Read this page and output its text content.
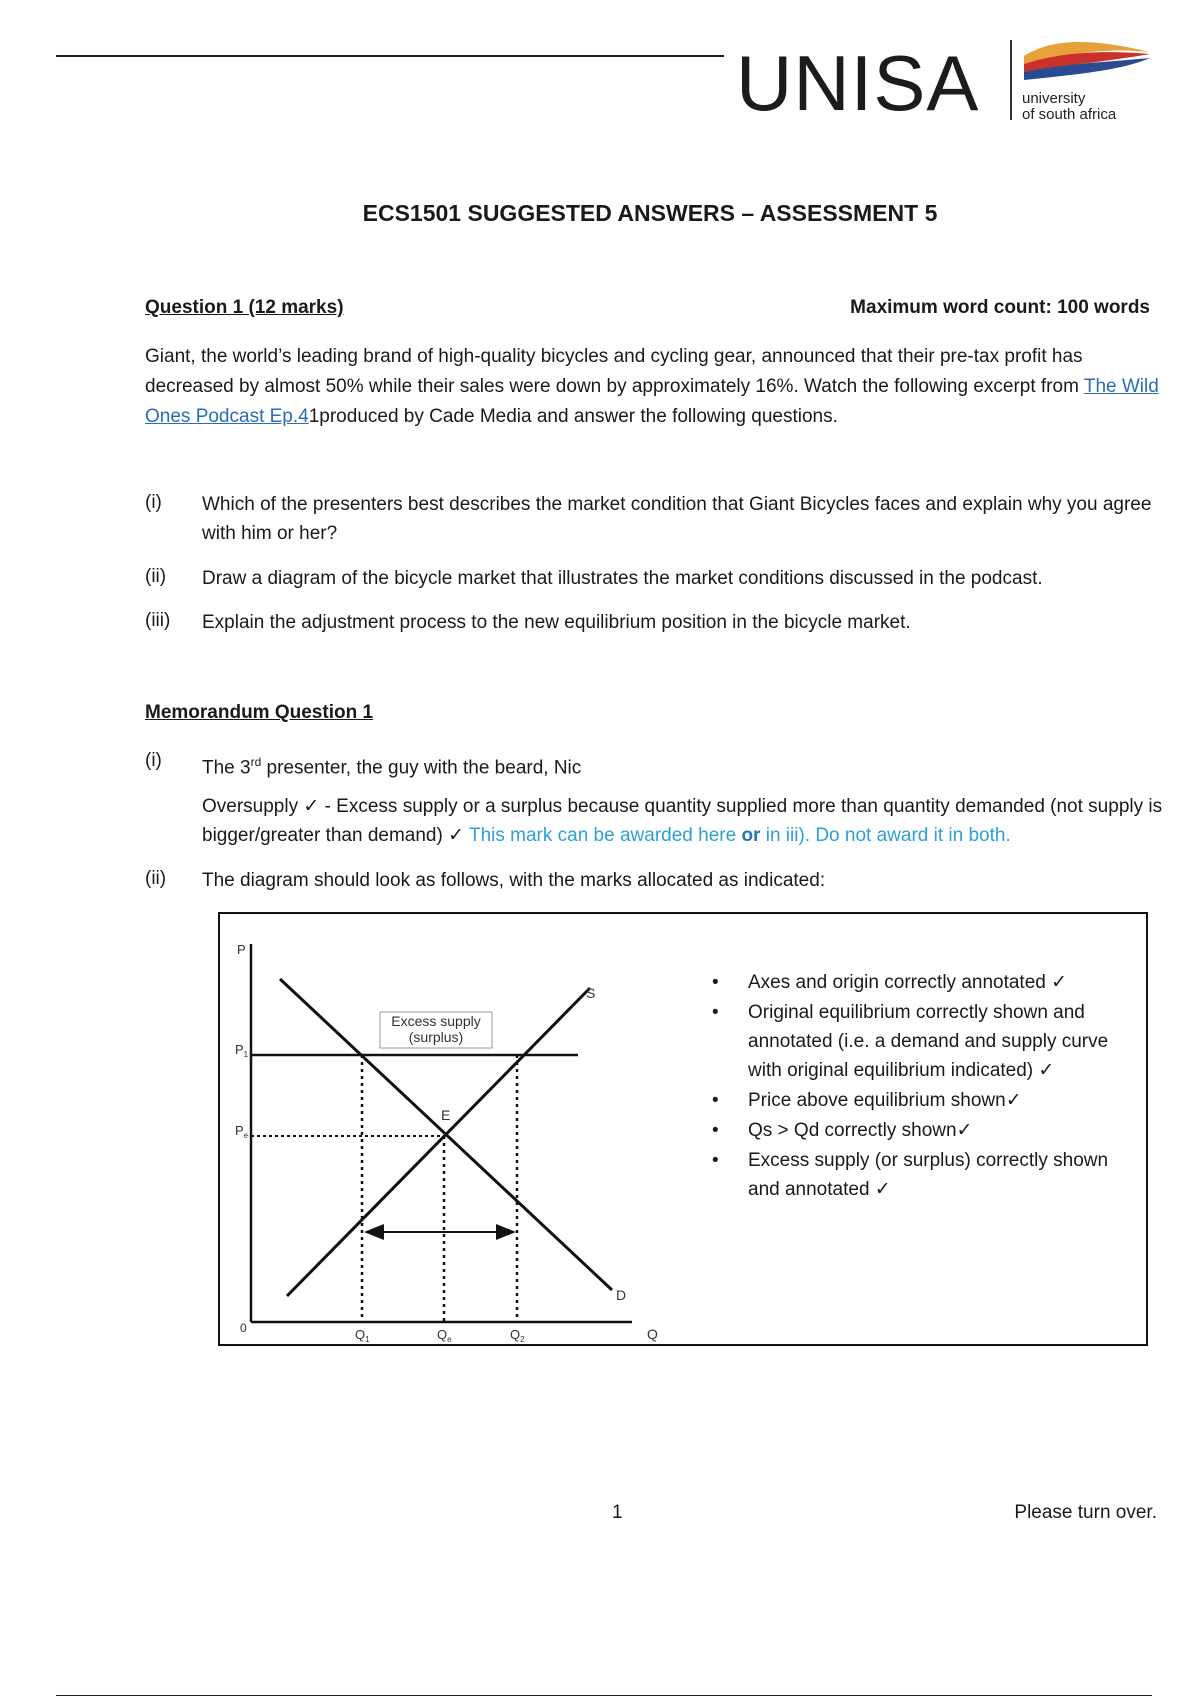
UNISA	university
of south africa
ECS1501 SUGGESTED ANSWERS – ASSESSMENT 5
Question 1 (12 marks)	Maximum word count: 100 words
Giant, the world’s leading brand of high-quality bicycles and cycling gear, announced that their pre-tax profit has decreased by almost 50% while their sales were down by approximately 16%. Watch the following excerpt from The Wild Ones Podcast Ep.41produced by Cade Media and answer the following questions.
(i) Which of the presenters best describes the market condition that Giant Bicycles faces and explain why you agree with him or her?
(ii) Draw a diagram of the bicycle market that illustrates the market conditions discussed in the podcast.
(iii) Explain the adjustment process to the new equilibrium position in the bicycle market.
Memorandum Question 1
(i) The 3rd presenter, the guy with the beard, Nic
Oversupply ✓ - Excess supply or a surplus because quantity supplied more than quantity demanded (not supply is bigger/greater than demand) ✓ This mark can be awarded here or in iii). Do not award it in both.
(ii) The diagram should look as follows, with the marks allocated as indicated:
Excess supply
(surplus)
S
D
E
P
Q
0
$P_1$
$P_e$
$Q_1$	$Q_e$	$Q_2$
• Axes and origin correctly annotated ✓
• Original equilibrium correctly shown and annotated (i.e. a demand and supply curve with original equilibrium indicated) ✓
• Price above equilibrium shown✓
• Qs > Qd correctly shown✓
• Excess supply (or surplus) correctly shown and annotated ✓
1	Please turn over.
